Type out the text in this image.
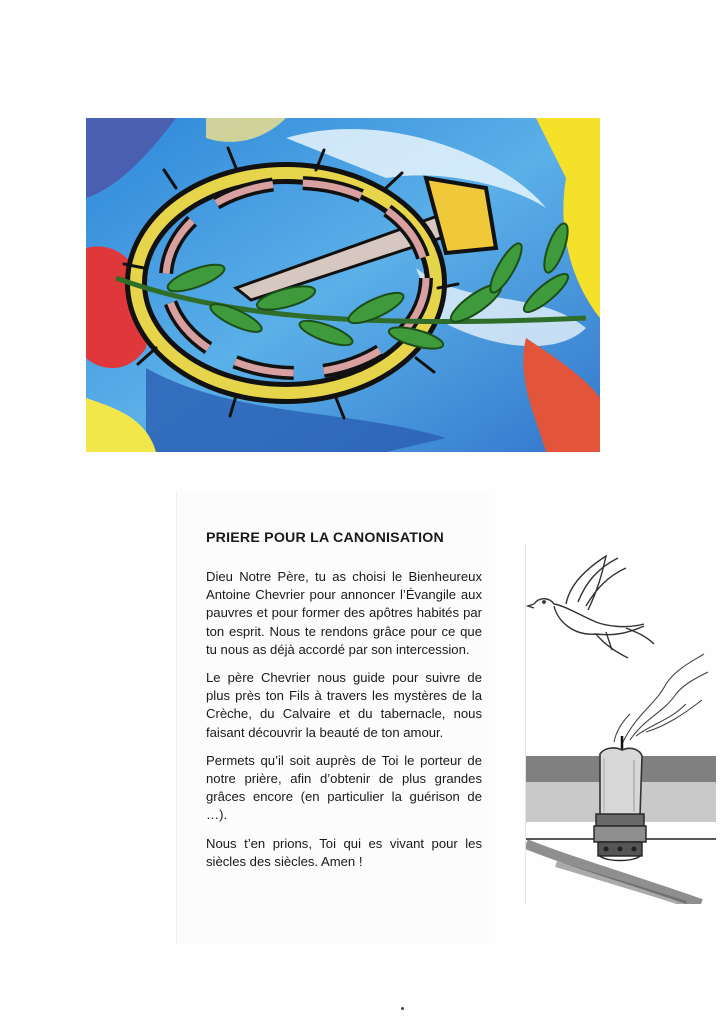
PRIERE POUR LA CANONISATION

Dieu Notre Père, tu as choisi le Bienheureux Antoine Chevrier pour annoncer l’Évangile aux pauvres et pour former des apôtres habités par ton esprit. Nous te rendons grâce pour ce que tu nous as déjà accordé par son intercession.

Le père Chevrier nous guide pour suivre de plus près ton Fils à travers les mystères de la Crèche, du Calvaire et du tabernacle, nous faisant découvrir la beauté de ton amour.

Permets qu’il soit auprès de Toi le porteur de notre prière, afin d’obtenir de plus grandes grâces encore (en particulier la guérison de …).

Nous t’en prions, Toi qui es vivant pour les siècles des siècles. Amen !
